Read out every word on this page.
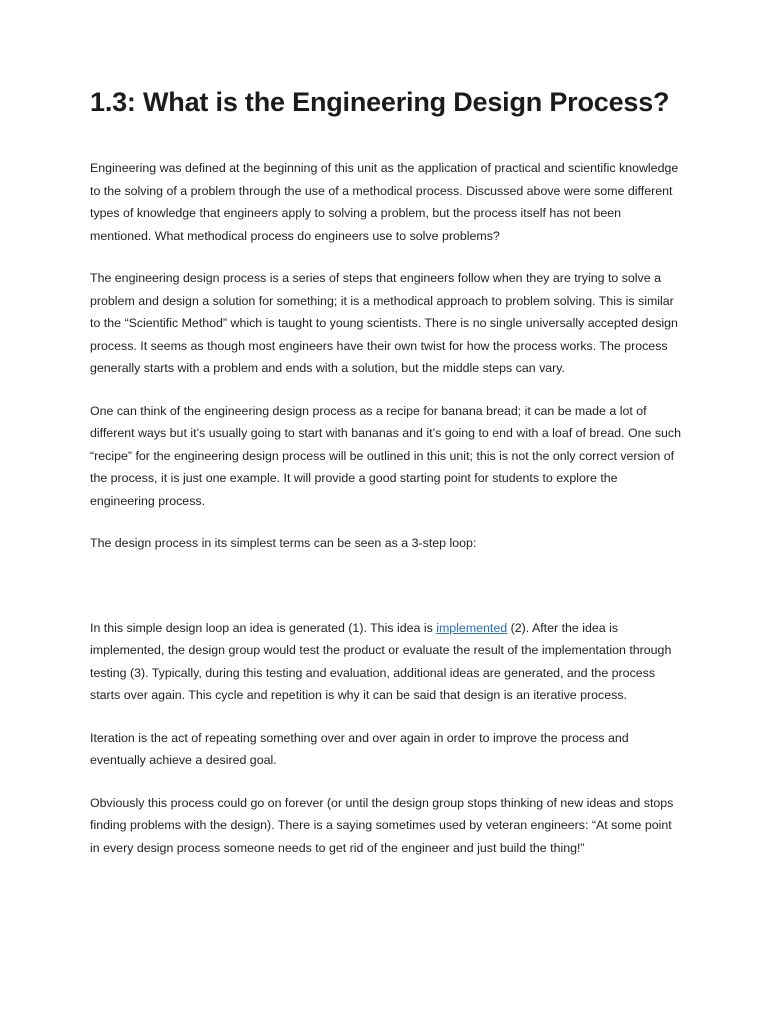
1.3: What is the Engineering Design Process?

Engineering was defined at the beginning of this unit as the application of practical and scientific knowledge to the solving of a problem through the use of a methodical process. Discussed above were some different types of knowledge that engineers apply to solving a problem, but the process itself has not been mentioned. What methodical process do engineers use to solve problems?

The engineering design process is a series of steps that engineers follow when they are trying to solve a problem and design a solution for something; it is a methodical approach to problem solving. This is similar to the “Scientific Method” which is taught to young scientists. There is no single universally accepted design process. It seems as though most engineers have their own twist for how the process works. The process generally starts with a problem and ends with a solution, but the middle steps can vary.

One can think of the engineering design process as a recipe for banana bread; it can be made a lot of different ways but it’s usually going to start with bananas and it’s going to end with a loaf of bread. One such “recipe” for the engineering design process will be outlined in this unit; this is not the only correct version of the process, it is just one example. It will provide a good starting point for students to explore the engineering process.

The design process in its simplest terms can be seen as a 3-step loop:

In this simple design loop an idea is generated (1). This idea is implemented (2). After the idea is implemented, the design group would test the product or evaluate the result of the implementation through testing (3). Typically, during this testing and evaluation, additional ideas are generated, and the process starts over again. This cycle and repetition is why it can be said that design is an iterative process.

Iteration is the act of repeating something over and over again in order to improve the process and eventually achieve a desired goal.

Obviously this process could go on forever (or until the design group stops thinking of new ideas and stops finding problems with the design). There is a saying sometimes used by veteran engineers: “At some point in every design process someone needs to get rid of the engineer and just build the thing!”
